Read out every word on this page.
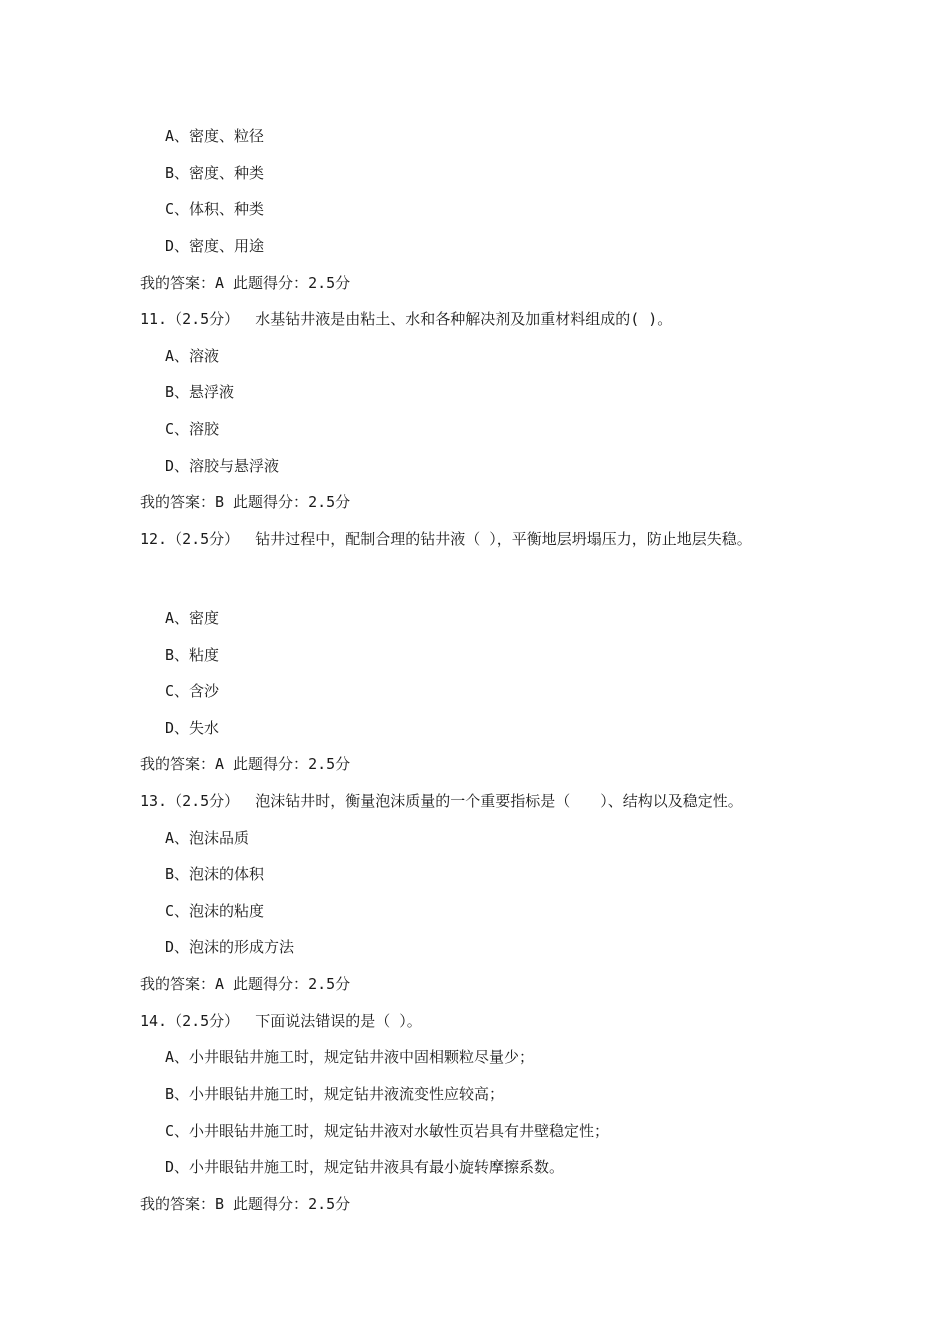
A、密度、粒径
B、密度、种类
C、体积、种类
D、密度、用途
我的答案：A 此题得分：2.5分
11.（2.5分） 水基钻井液是由粘土、水和各种解决剂及加重材料组成的( )。
A、溶液
B、悬浮液
C、溶胶
D、溶胶与悬浮液
我的答案：B 此题得分：2.5分
12.（2.5分） 钻井过程中，配制合理的钻井液（ ），平衡地层坍塌压力，防止地层失稳。
A、密度
B、粘度
C、含沙
D、失水
我的答案：A 此题得分：2.5分
13.（2.5分） 泡沫钻井时，衡量泡沫质量的一个重要指标是（　　）、结构以及稳定性。
A、泡沫品质
B、泡沫的体积
C、泡沫的粘度
D、泡沫的形成方法
我的答案：A 此题得分：2.5分
14.（2.5分） 下面说法错误的是（ ）。
A、小井眼钻井施工时，规定钻井液中固相颗粒尽量少；
B、小井眼钻井施工时，规定钻井液流变性应较高；
C、小井眼钻井施工时，规定钻井液对水敏性页岩具有井壁稳定性；
D、小井眼钻井施工时，规定钻井液具有最小旋转摩擦系数。
我的答案：B 此题得分：2.5分
